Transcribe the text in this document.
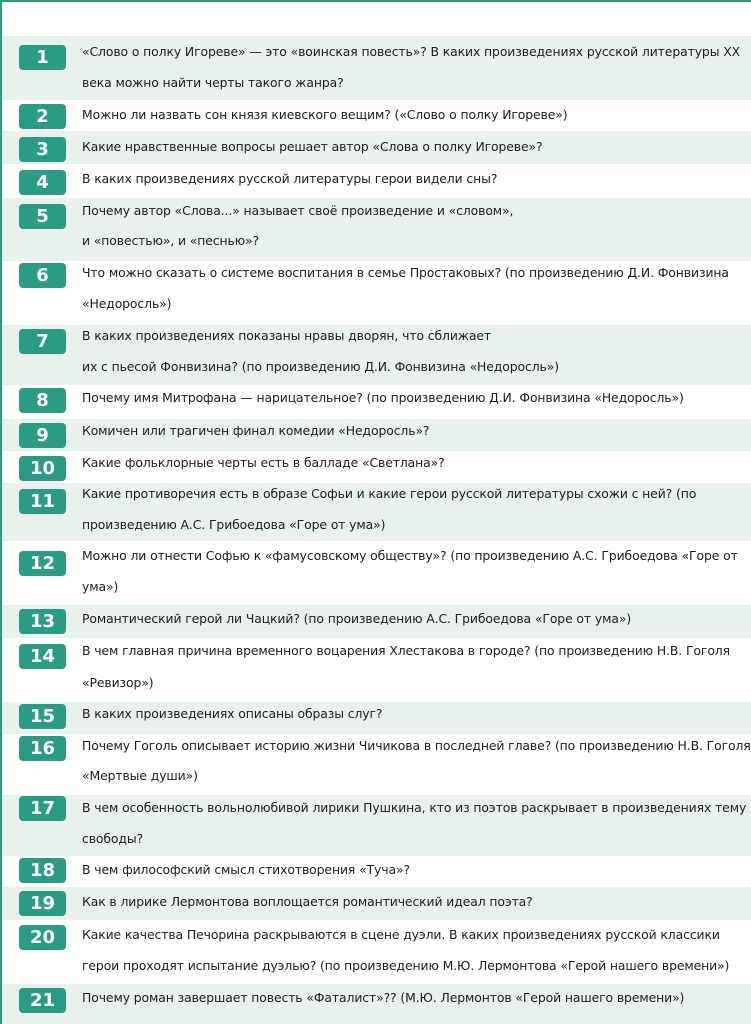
1	«Слово о полку Игореве» — это «воинская повесть»? В каких произведениях русской литературы XX
века можно найти черты такого жанра?
2	Можно ли назвать сон князя киевского вещим? («Слово о полку Игореве»)
3	Какие нравственные вопросы решает автор «Слова о полку Игореве»?
4	В каких произведениях русской литературы герои видели сны?
5	Почему автор «Слова...» называет своё произведение и «словом»,
и «повестью», и «песнью»?
6	Что можно сказать о системе воспитания в семье Простаковых? (по произведению Д.И. Фонвизина
«Недоросль»)
7	В каких произведениях показаны нравы дворян, что сближает
их с пьесой Фонвизина? (по произведению Д.И. Фонвизина «Недоросль»)
8	Почему имя Митрофана — нарицательное? (по произведению Д.И. Фонвизина «Недоросль»)
9	Комичен или трагичен финал комедии «Недоросль»?
10	Какие фольклорные черты есть в балладе «Светлана»?
11	Какие противоречия есть в образе Софьи и какие герои русской литературы схожи с ней? (по
произведению А.С. Грибоедова «Горе от ума»)
12	Можно ли отнести Софью к «фамусовскому обществу»? (по произведению А.С. Грибоедова «Горе от
ума»)
13	Романтический герой ли Чацкий? (по произведению А.С. Грибоедова «Горе от ума»)
14	В чем главная причина временного воцарения Хлестакова в городе? (по произведению Н.В. Гоголя
«Ревизор»)
15	В каких произведениях описаны образы слуг?
16	Почему Гоголь описывает историю жизни Чичикова в последней главе? (по произведению Н.В. Гоголя
«Мертвые души»)
17	В чем особенность вольнолюбивой лирики Пушкина, кто из поэтов раскрывает в произведениях тему
свободы?
18	В чем философский смысл стихотворения «Туча»?
19	Как в лирике Лермонтова воплощается романтический идеал поэта?
20	Какие качества Печорина раскрываются в сцене дуэли. В каких произведениях русской классики
герои проходят испытание дуэлью? (по произведению М.Ю. Лермонтова «Герой нашего времени»)
21	Почему роман завершает повесть «Фаталист»?? (М.Ю. Лермонтов «Герой нашего времени»)
